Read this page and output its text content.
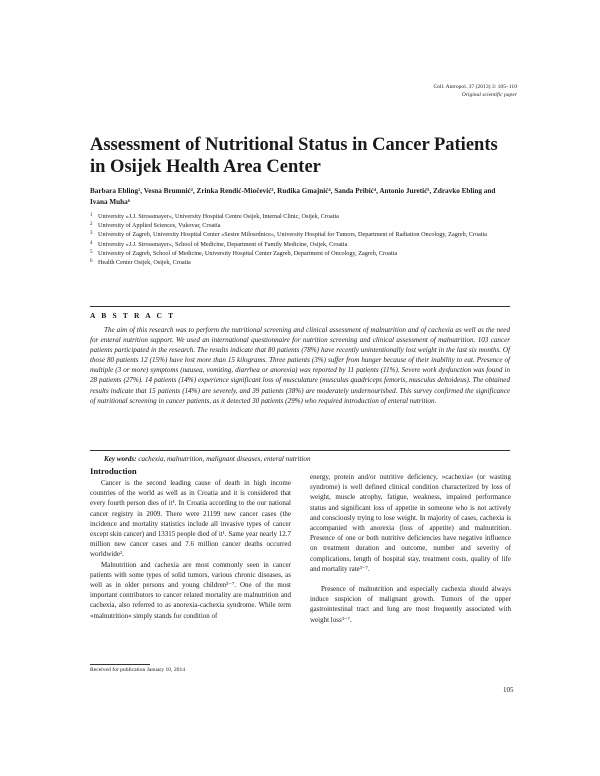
Coll. Antropol. 37 (2013) 3: 105–110
Original scientific paper
Assessment of Nutritional Status in Cancer Patients in Osijek Health Area Center
Barbara Ebling¹, Vesna Brumnić², Zrinka Rendić-Miočević³, Rudika Gmajnić⁴, Sanda Pribić⁴, Antonio Juretić⁵, Zdravko Ebling and Ivana Muha⁶
1 University »J.J. Strossmayer«, University Hospital Centre Osijek, Internal Clinic, Osijek, Croatia
2 University of Applied Sciences, Vukovar, Croatia
3 University of Zagreb, University Hospital Center »Sestre Milosrdnice«, University Hospital for Tumors, Department of Radiation Oncology, Zagreb, Croatia
4 University »J.J. Strossmayer«, School of Medicine, Department of Family Medicine, Osijek, Croatia
5 University of Zagreb, School of Medicine, University Hospital Center Zagreb, Department of Oncology, Zagreb, Croatia
6 Health Center Osijek, Osijek, Croatia
A B S T R A C T
The aim of this research was to perform the nutritional screening and clinical assessment of malnutrition and of cachexia as well as the need for enteral nutrition support. We used an international questionnaire for nutrition screening and clinical assessment of malnutrition. 103 cancer patients participated in the research. The results indicate that 80 patients (78%) have recently unintentionally lost weight in the last six months. Of those 80 patients 12 (15%) have lost more than 15 kilograms. Three patients (3%) suffer from hunger because of their inability to eat. Presence of multiple (3 or more) symptoms (nausea, vomiting, diarrhea or anorexia) was reported by 11 patients (11%). Severe work dysfunction was found in 28 patients (27%). 14 patients (14%) experience significant loss of musculature (musculus quadriceps femoris, musculus deltoideus). The obtained results indicate that 15 patients (14%) are severely, and 39 patients (38%) are moderately undernourished. This survey confirmed the significance of nutritional screening in cancer patients, as it detected 30 patients (29%) who required introduction of enteral nutrition.
Key words: cachexia, malnutrition, malignant diseases, enteral nutrition
Introduction

Cancer is the second leading cause of death in high income countries of the world as well as in Croatia and it is considered that every fourth person dies of it¹. In Croatia according to the our national cancer registry in 2009. There were 21199 new cancer cases (the incidence and mortality statistics include all invasive types of cancer except skin cancer) and 13315 people died of it¹. Same year nearly 12.7 million new cancer cases and 7.6 million cancer deaths occurred worldwide².

Malnutrition and cachexia are most commonly seen in cancer patients with some types of solid tumors, various chronic diseases, as well as in older persons and young children³⁻⁷. One of the most important contributors to cancer related mortality are malnutrition and cachexia, also referred to as anorexia-cachexia syndrome. While term »malnutrition« simply stands for condition of

energy, protein and/or nutritive deficiency, »cachexia« (or wasting syndrome) is well defined clinical condition characterized by loss of weight, muscle atrophy, fatigue, weakness, impaired performance status and significant loss of appetite in someone who is not actively and consciously trying to lose weight. In majority of cases, cachexia is accompanied with anorexia (loss of appetite) and malnutrition. Presence of one or both nutritive deficiencies have negative influence on treatment duration and outcome, number and severity of complications, length of hospital stay, treatment costs, quality of life and mortality rate³⁻⁷.

Presence of malnutrition and especially cachexia should always induce suspicion of malignant growth. Tumors of the upper gastrointestinal tract and lung are most frequently associated with weight loss³⁻⁷.

Received for publication January 10, 2014
105
